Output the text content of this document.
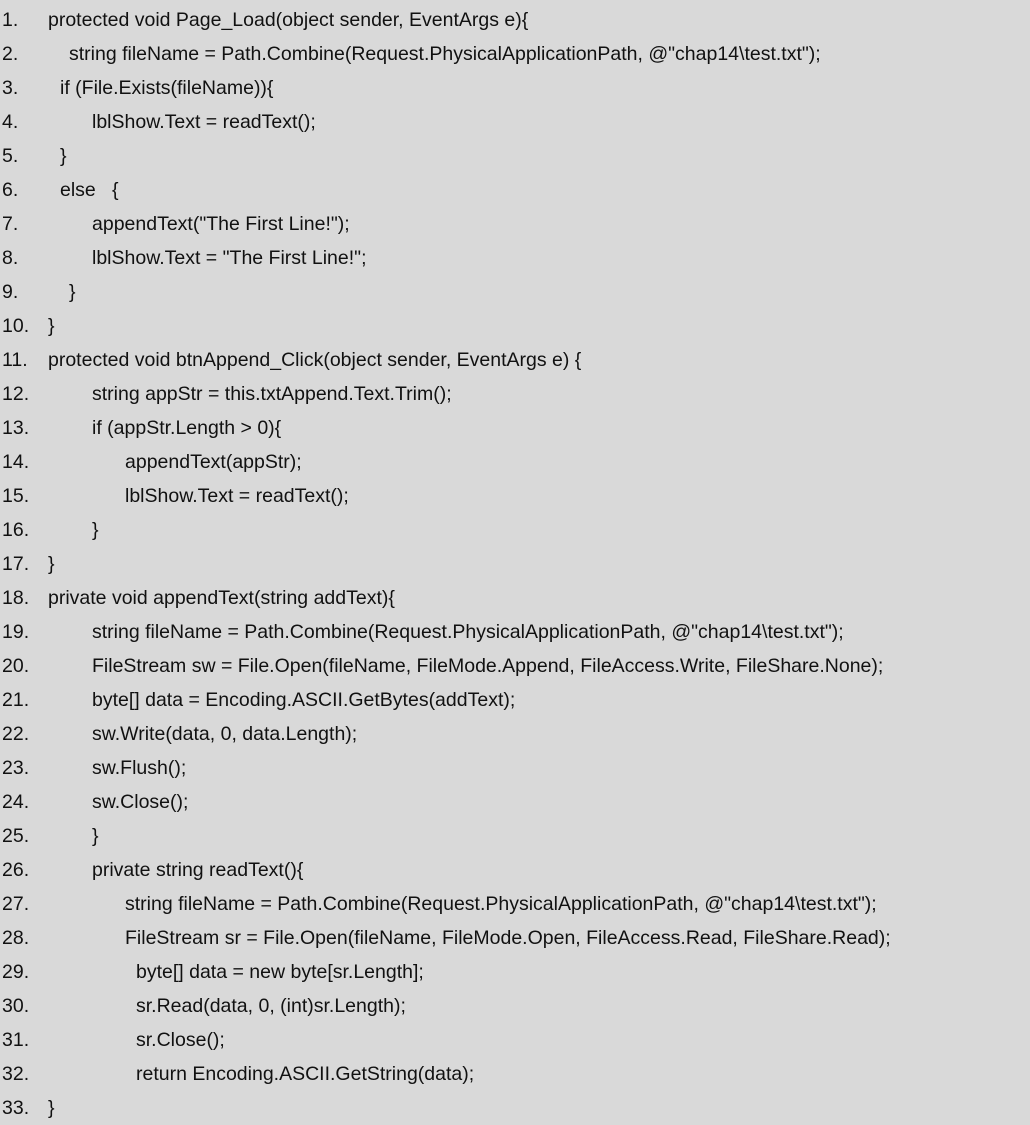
1. protected void Page_Load(object sender, EventArgs e){
2.	string fileName = Path.Combine(Request.PhysicalApplicationPath, @"chap14\test.txt");
3. if (File.Exists(fileName)){
4.	lblShow.Text = readText();
5. }
6. else   {
7.	appendText("The First Line!");
8.	lblShow.Text = "The First Line!";
9.	}
10. }
11. protected void btnAppend_Click(object sender, EventArgs e) {
12.	string appStr = this.txtAppend.Text.Trim();
13.	if (appStr.Length > 0){
14.	appendText(appStr);
15.	lblShow.Text = readText();
16.	}
17. }
18. private void appendText(string addText){
19.	string fileName = Path.Combine(Request.PhysicalApplicationPath, @"chap14\test.txt");
20.	FileStream sw = File.Open(fileName, FileMode.Append, FileAccess.Write, FileShare.None);
21.	byte[] data = Encoding.ASCII.GetBytes(addText);
22.	sw.Write(data, 0, data.Length);
23.	sw.Flush();
24.	sw.Close();
25.	}
26.	private string readText(){
27.	string fileName = Path.Combine(Request.PhysicalApplicationPath, @"chap14\test.txt");
28.	FileStream sr = File.Open(fileName, FileMode.Open, FileAccess.Read, FileShare.Read);
29.	byte[] data = new byte[sr.Length];
30.	sr.Read(data, 0, (int)sr.Length);
31.	sr.Close();
32.	return Encoding.ASCII.GetString(data);
33. }
